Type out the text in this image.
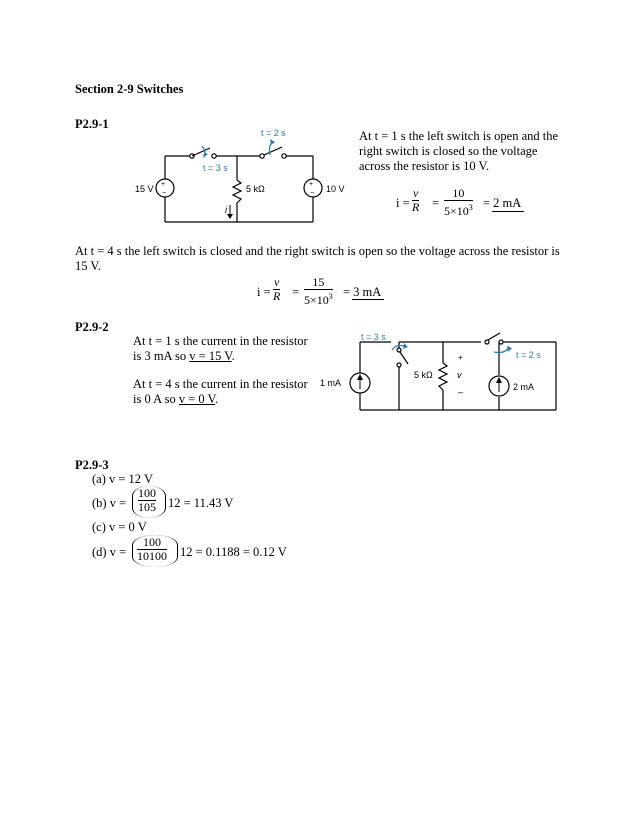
Section 2-9 Switches
P2.9-1
+
−
+
−
t = 2 s
t = 3 s
15 V	5 kΩ	10 V
i
At t = 1 s the left switch is open and the right switch is closed so the voltage across the resistor is 10 V.
i =
v
R =
10
$5\times 10^3 = 2$ mA
At t = 4 s the left switch is closed and the right switch is open so the voltage across the resistor is 15 V.
i =
v
R =
15
$5\times 10^3 = 3$ mA
P2.9-2
At t = 1 s the current in the resistor
is 3 mA so v = 15 V.
At t = 4 s the current in the resistor
is 0 A so v = 0 V.
t = 3 s
t = 2 s
1 mA
5 kΩ
+
v
–	2 mA
P2.9-3
(a) v = 12 V
(b) v =
100
105 12 = 11.43 V
(c) v = 0 V
(d) v =
100
10100 12 = 0.1188 = 0.12 V
